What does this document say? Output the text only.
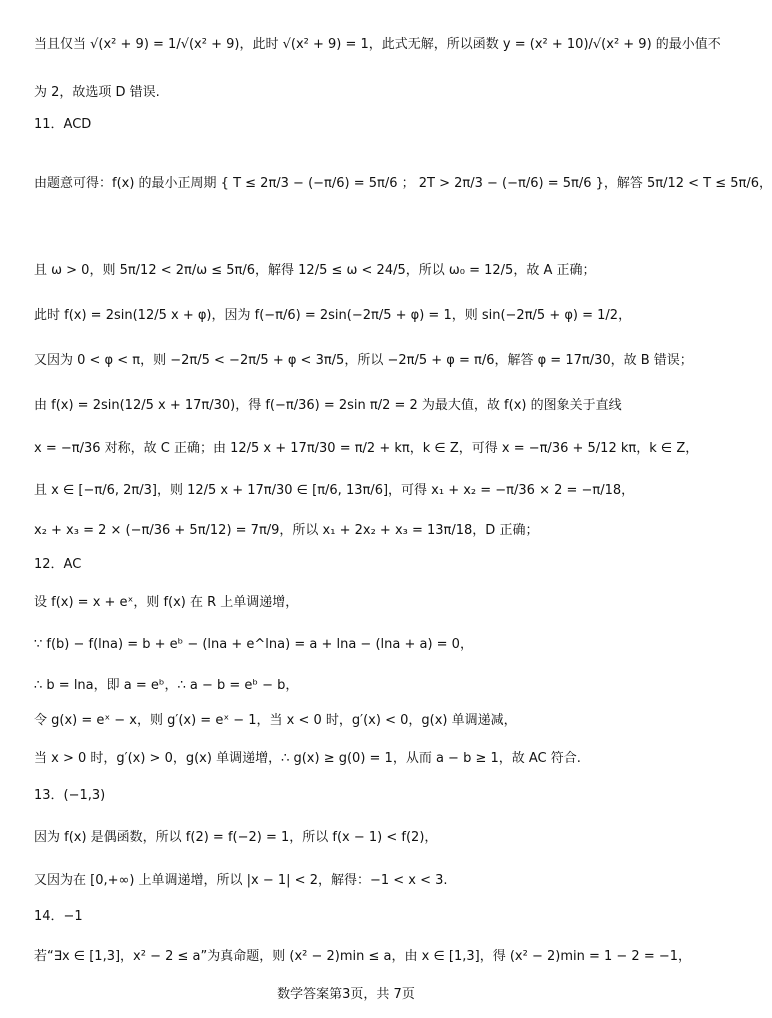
当且仅当 √(x² + 9) = 1/√(x² + 9)，此时 √(x² + 9) = 1，此式无解，所以函数 y = (x² + 10)/√(x² + 9) 的最小值不
为 2，故选项 D 错误.
11．ACD
由题意可得：f(x) 的最小正周期 { T ≤ 2π/3 − (−π/6) = 5π/6 ； 2T > 2π/3 − (−π/6) = 5π/6 }，解答 5π/12 < T ≤ 5π/6，
且 ω > 0，则 5π/12 < 2π/ω ≤ 5π/6，解得 12/5 ≤ ω < 24/5，所以 ω₀ = 12/5，故 A 正确；
此时 f(x) = 2sin(12/5 x + φ)，因为 f(−π/6) = 2sin(−2π/5 + φ) = 1，则 sin(−2π/5 + φ) = 1/2，
又因为 0 < φ < π，则 −2π/5 < −2π/5 + φ < 3π/5，所以 −2π/5 + φ = π/6，解答 φ = 17π/30，故 B 错误；
由 f(x) = 2sin(12/5 x + 17π/30)，得 f(−π/36) = 2sin π/2 = 2 为最大值，故 f(x) 的图象关于直线
x = −π/36 对称，故 C 正确；由 12/5 x + 17π/30 = π/2 + kπ，k ∈ Z，可得 x = −π/36 + 5/12 kπ，k ∈ Z，
且 x ∈ [−π/6, 2π/3]，则 12/5 x + 17π/30 ∈ [π/6, 13π/6]，可得 x₁ + x₂ = −π/36 × 2 = −π/18，
x₂ + x₃ = 2 × (−π/36 + 5π/12) = 7π/9，所以 x₁ + 2x₂ + x₃ = 13π/18，D 正确；
12．AC
设 f(x) = x + eˣ，则 f(x) 在 R 上单调递增，
∵ f(b) − f(lna) = b + eᵇ − (lna + e^lna) = a + lna − (lna + a) = 0，
∴ b = lna，即 a = eᵇ，∴ a − b = eᵇ − b，
令 g(x) = eˣ − x，则 g′(x) = eˣ − 1，当 x < 0 时，g′(x) < 0，g(x) 单调递减，
当 x > 0 时，g′(x) > 0，g(x) 单调递增，∴ g(x) ≥ g(0) = 1，从而 a − b ≥ 1，故 AC 符合.
13．(−1,3)
因为 f(x) 是偶函数，所以 f(2) = f(−2) = 1，所以 f(x − 1) < f(2)，
又因为在 [0,+∞) 上单调递增，所以 |x − 1| < 2，解得：−1 < x < 3.
14．−1
若“∃x ∈ [1,3]，x² − 2 ≤ a”为真命题，则 (x² − 2)min ≤ a，由 x ∈ [1,3]，得 (x² − 2)min = 1 − 2 = −1，
数学答案第3页，共 7页
